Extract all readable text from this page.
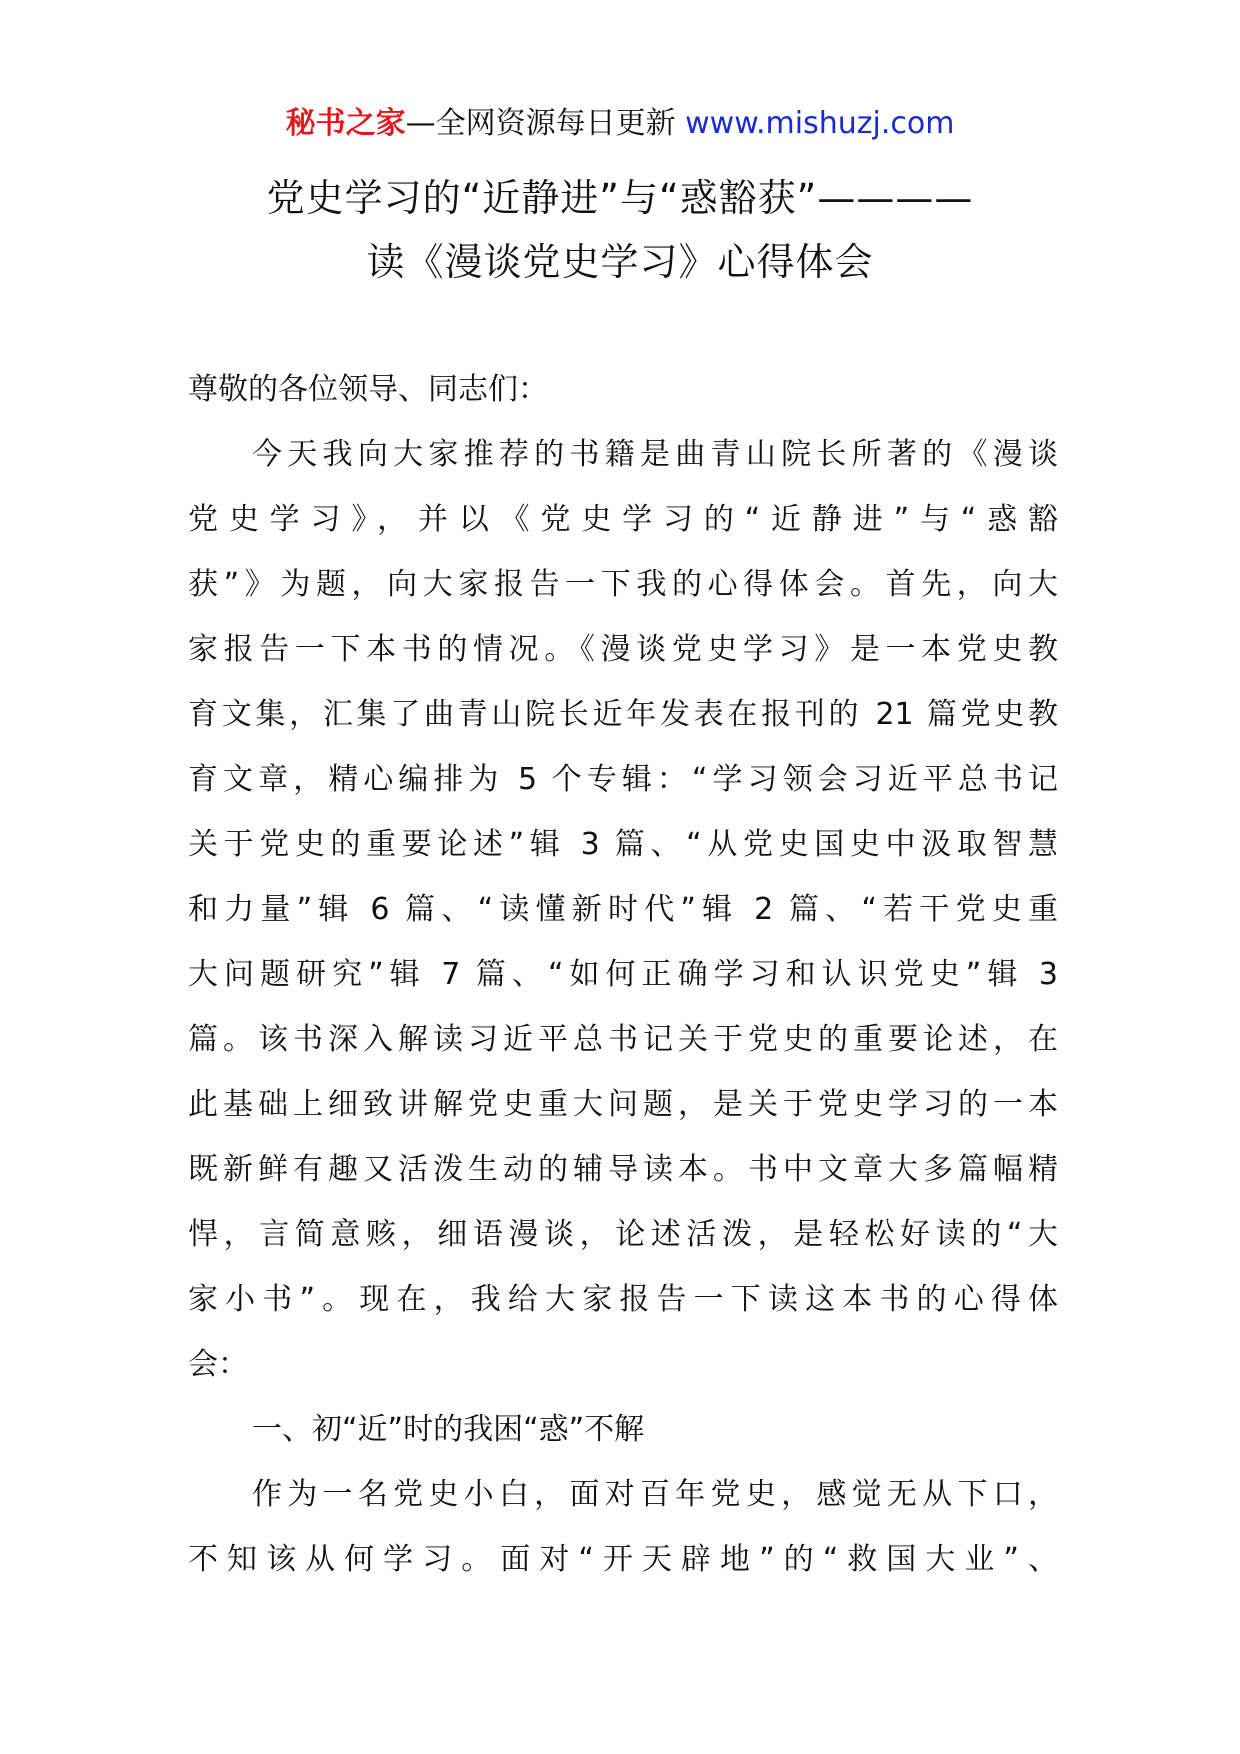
秘书之家—全网资源每日更新 www.mishuzj.com
党史学习的“近静进”与“惑豁获”————
读《漫谈党史学习》心得体会
尊敬的各位领导、同志们：
今天我向大家推荐的书籍是曲青山院长所著的《漫谈
党史学习》，并以《党史学习的“近静进”与“惑豁
获”》为题，向大家报告一下我的心得体会。首先，向大
家报告一下本书的情况。《漫谈党史学习》是一本党史教
育文集，汇集了曲青山院长近年发表在报刊的 21 篇党史教
育文章，精心编排为 5 个专辑：“学习领会习近平总书记
关于党史的重要论述”辑 3 篇、“从党史国史中汲取智慧
和力量”辑 6 篇、“读懂新时代”辑 2 篇、“若干党史重
大问题研究”辑 7 篇、“如何正确学习和认识党史”辑 3
篇。该书深入解读习近平总书记关于党史的重要论述，在
此基础上细致讲解党史重大问题，是关于党史学习的一本
既新鲜有趣又活泼生动的辅导读本。书中文章大多篇幅精
悍，言简意赅，细语漫谈，论述活泼，是轻松好读的“大
家小书”。现在，我给大家报告一下读这本书的心得体
会：
一、初“近”时的我困“惑”不解
作为一名党史小白，面对百年党史，感觉无从下口，
不知该从何学习。面对“开天辟地”的“救国大业”、
